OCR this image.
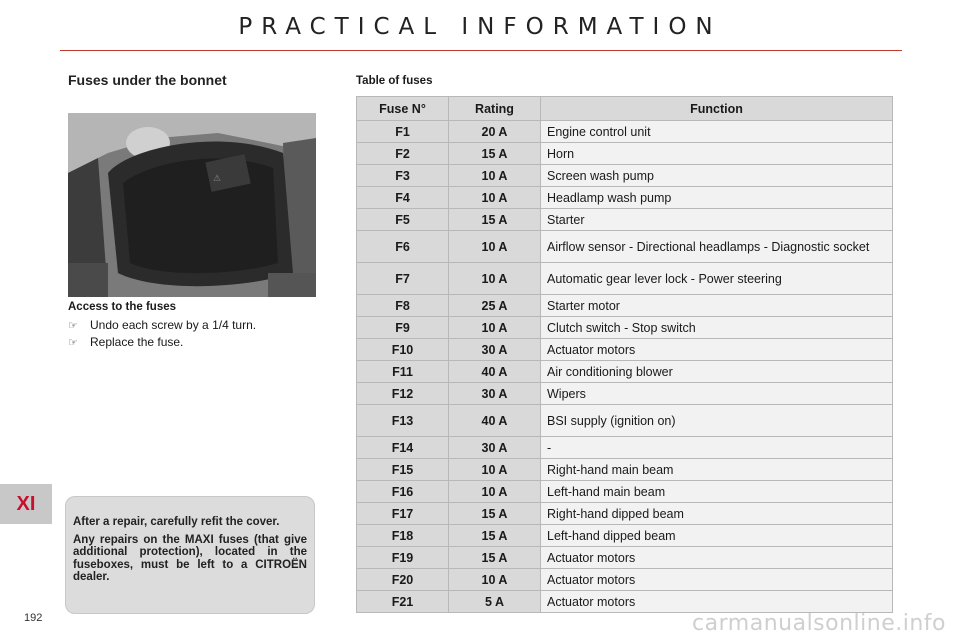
PRACTICAL INFORMATION
Fuses under the bonnet
⚠
Access to the fuses
☞	Undo each screw by a 1/4 turn.
☞	Replace the fuse.

After a repair, carefully refit the cover.

Any repairs on the MAXI fuses (that give additional protection), located in the fuseboxes, must be left to a CITROËN dealer.

XI
192
Table of fuses
Fuse N°	Rating	Function
F1	20 A	Engine control unit
F2	15 A	Horn
F3	10 A	Screen wash pump
F4	10 A	Headlamp wash pump
F5	15 A	Starter
F6	10 A	Airflow sensor - Directional headlamps - Diagnostic socket
F7	10 A	Automatic gear lever lock - Power steering
F8	25 A	Starter motor
F9	10 A	Clutch switch - Stop switch
F10	30 A	Actuator motors
F11	40 A	Air conditioning blower
F12	30 A	Wipers
F13	40 A	BSI supply (ignition on)
F14	30 A	-
F15	10 A	Right-hand main beam
F16	10 A	Left-hand main beam
F17	15 A	Right-hand dipped beam
F18	15 A	Left-hand dipped beam
F19	15 A	Actuator motors
F20	10 A	Actuator motors
F21	5 A	Actuator motors
carmanualsonline.info
